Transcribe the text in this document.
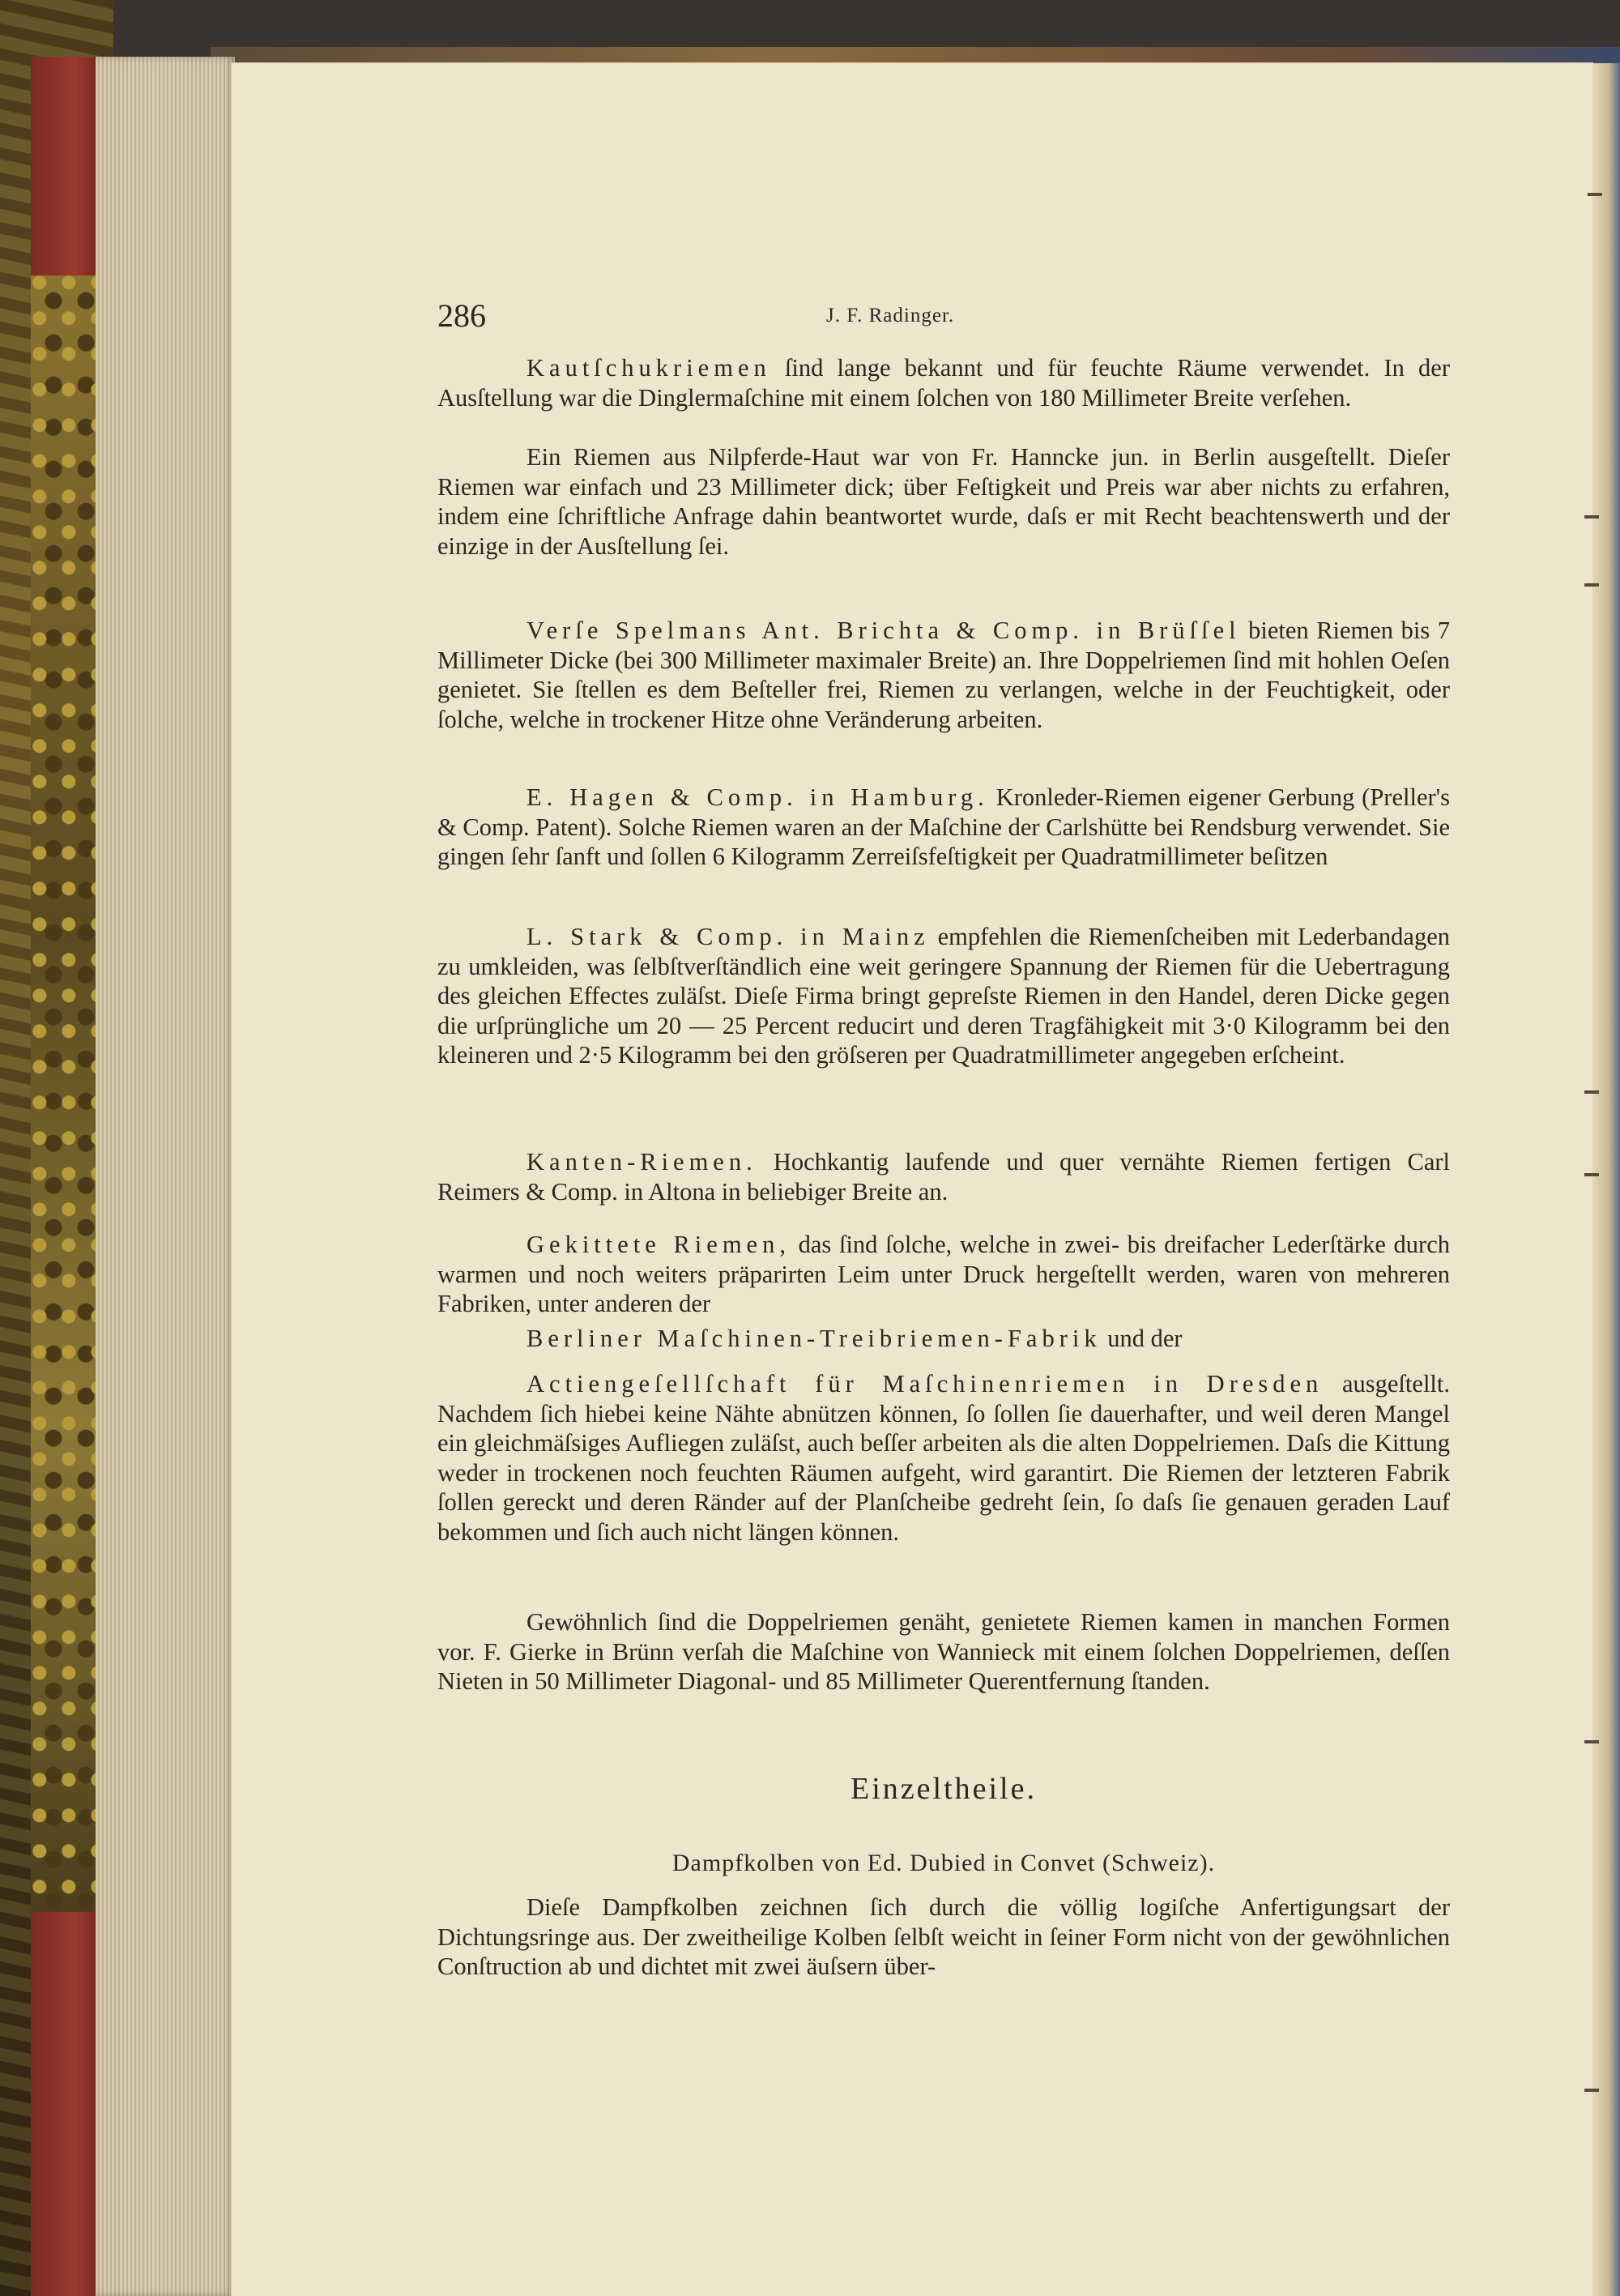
286	J. F. Radinger.

Kautſchukriemen ſind lange bekannt und für feuchte Räume verwendet. In der Ausſtellung war die Dinglermaſchine mit einem ſolchen von 180 Millimeter Breite verſehen.

Ein Riemen aus Nilpferde-Haut war von Fr. Hanncke jun. in Berlin ausgeſtellt. Dieſer Riemen war einfach und 23 Millimeter dick; über Feſtigkeit und Preis war aber nichts zu erfahren, indem eine ſchriftliche Anfrage dahin beantwortet wurde, daſs er mit Recht beachtenswerth und der einzige in der Ausſtellung ſei.

Verſe Spelmans Ant. Brichta & Comp. in Brüſſel bieten Riemen bis 7 Millimeter Dicke (bei 300 Millimeter maximaler Breite) an. Ihre Doppelriemen ſind mit hohlen Oeſen genietet. Sie ſtellen es dem Beſteller frei, Riemen zu verlangen, welche in der Feuchtigkeit, oder ſolche, welche in trockener Hitze ohne Veränderung arbeiten.

E. Hagen & Comp. in Hamburg. Kronleder-Riemen eigener Gerbung (Preller's & Comp. Patent). Solche Riemen waren an der Maſchine der Carlshütte bei Rendsburg verwendet. Sie gingen ſehr ſanft und ſollen 6 Kilogramm Zerreiſsfeſtigkeit per Quadratmillimeter beſitzen

L. Stark & Comp. in Mainz empfehlen die Riemenſcheiben mit Lederbandagen zu umkleiden, was ſelbſtverſtändlich eine weit geringere Spannung der Riemen für die Uebertragung des gleichen Effectes zuläſst. Dieſe Firma bringt gepreſste Riemen in den Handel, deren Dicke gegen die urſprüngliche um 20 — 25 Percent reducirt und deren Tragfähigkeit mit 3·0 Kilogramm bei den kleineren und 2·5 Kilogramm bei den gröſseren per Quadratmillimeter angegeben erſcheint.

Kanten-Riemen. Hochkantig laufende und quer vernähte Riemen fertigen Carl Reimers & Comp. in Altona in beliebiger Breite an.

Gekittete Riemen, das ſind ſolche, welche in zwei- bis dreifacher Lederſtärke durch warmen und noch weiters präparirten Leim unter Druck hergeſtellt werden, waren von mehreren Fabriken, unter anderen der

Berliner Maſchinen-Treibriemen-Fabrik und der

Actiengeſellſchaft für Maſchinenriemen in Dresden ausgeſtellt. Nachdem ſich hiebei keine Nähte abnützen können, ſo ſollen ſie dauerhafter, und weil deren Mangel ein gleichmäſsiges Aufliegen zuläſst, auch beſſer arbeiten als die alten Doppelriemen. Daſs die Kittung weder in trockenen noch feuchten Räumen aufgeht, wird garantirt. Die Riemen der letzteren Fabrik ſollen gereckt und deren Ränder auf der Planſcheibe gedreht ſein, ſo daſs ſie genauen geraden Lauf bekommen und ſich auch nicht längen können.

Gewöhnlich ſind die Doppelriemen genäht, genietete Riemen kamen in manchen Formen vor. F. Gierke in Brünn verſah die Maſchine von Wannieck mit einem ſolchen Doppelriemen, deſſen Nieten in 50 Millimeter Diagonal- und 85 Millimeter Querentfernung ſtanden.

Einzeltheile.
Dampfkolben von Ed. Dubied in Convet (Schweiz).

Dieſe Dampfkolben zeichnen ſich durch die völlig logiſche Anfertigungsart der Dichtungsringe aus. Der zweitheilige Kolben ſelbſt weicht in ſeiner Form nicht von der gewöhnlichen Conſtruction ab und dichtet mit zwei äuſsern über-
